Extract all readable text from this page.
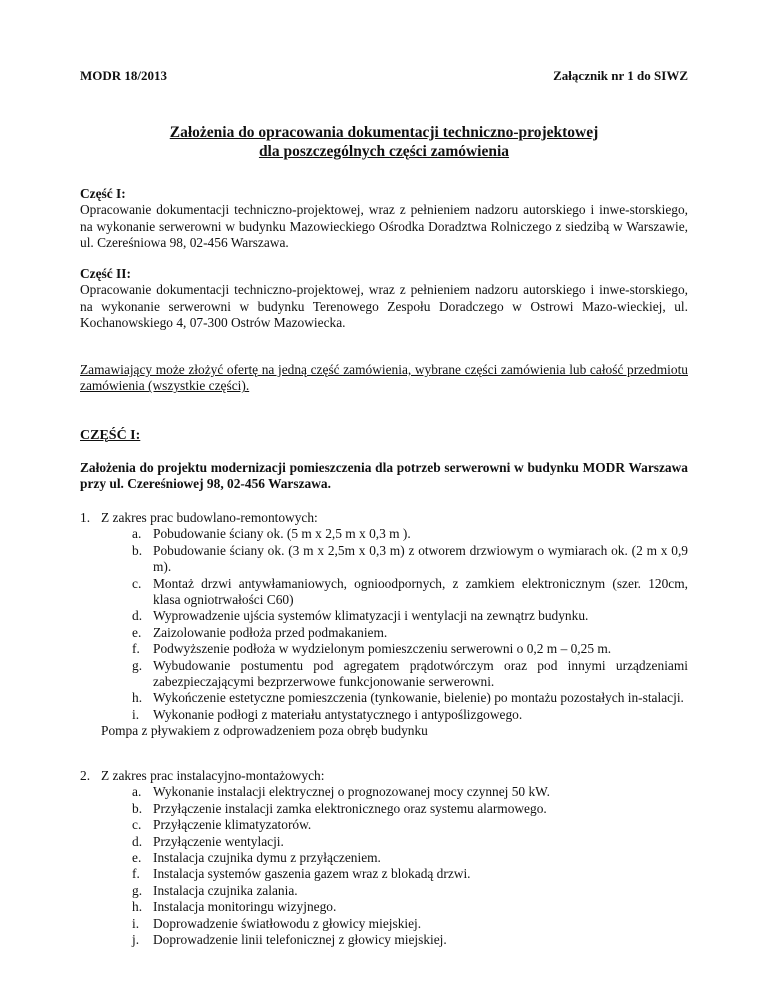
MODR 18/2013	Załącznik nr 1 do SIWZ
Założenia do opracowania dokumentacji techniczno-projektowej
dla poszczególnych części zamówienia
Część I:
Opracowanie dokumentacji techniczno-projektowej, wraz z pełnieniem nadzoru autorskiego i inwe-storskiego, na wykonanie serwerowni w budynku Mazowieckiego Ośrodka Doradztwa Rolniczego z siedzibą w Warszawie, ul. Czereśniowa 98, 02-456 Warszawa.
Część II:
Opracowanie dokumentacji techniczno-projektowej, wraz z pełnieniem nadzoru autorskiego i inwe-storskiego, na wykonanie serwerowni w budynku Terenowego Zespołu Doradczego w Ostrowi Mazo-wieckiej, ul. Kochanowskiego 4, 07-300 Ostrów Mazowiecka.
Zamawiający może złożyć ofertę na jedną część zamówienia, wybrane części zamówienia lub całość przedmiotu zamówienia (wszystkie części).
CZĘŚĆ I:
Założenia do projektu modernizacji pomieszczenia dla potrzeb serwerowni w budynku MODR Warszawa przy ul. Czereśniowej 98, 02-456 Warszawa.
1. Z zakres prac budowlano-remontowych:
a. Pobudowanie ściany ok. (5 m x 2,5 m x 0,3 m ).
b. Pobudowanie ściany ok. (3 m x 2,5m x 0,3 m) z otworem drzwiowym o wymiarach ok. (2 m x 0,9 m).
c. Montaż drzwi antywłamaniowych, ognioodpornych, z zamkiem elektronicznym (szer. 120cm, klasa ogniotrwałości C60)
d. Wyprowadzenie ujścia systemów klimatyzacji i wentylacji na zewnątrz budynku.
e. Zaizolowanie podłoża przed podmakaniem.
f. Podwyższenie podłoża w wydzielonym pomieszczeniu serwerowni o 0,2 m – 0,25 m.
g. Wybudowanie postumentu pod agregatem prądotwórczym oraz pod innymi urządzeniami zabezpieczającymi bezprzerwowe funkcjonowanie serwerowni.
h. Wykończenie estetyczne pomieszczenia (tynkowanie, bielenie) po montażu pozostałych in-stalacji.
i. Wykonanie podłogi z materiału antystatycznego i antypoślizgowego.
Pompa z pływakiem z odprowadzeniem poza obręb budynku
2. Z zakres prac instalacyjno-montażowych:
a. Wykonanie instalacji elektrycznej o prognozowanej mocy czynnej 50 kW.
b. Przyłączenie instalacji zamka elektronicznego oraz systemu alarmowego.
c. Przyłączenie klimatyzatorów.
d. Przyłączenie wentylacji.
e. Instalacja czujnika dymu z przyłączeniem.
f. Instalacja systemów gaszenia gazem wraz z blokadą drzwi.
g. Instalacja czujnika zalania.
h. Instalacja monitoringu wizyjnego.
i. Doprowadzenie światłowodu z głowicy miejskiej.
j. Doprowadzenie linii telefonicznej z głowicy miejskiej.
